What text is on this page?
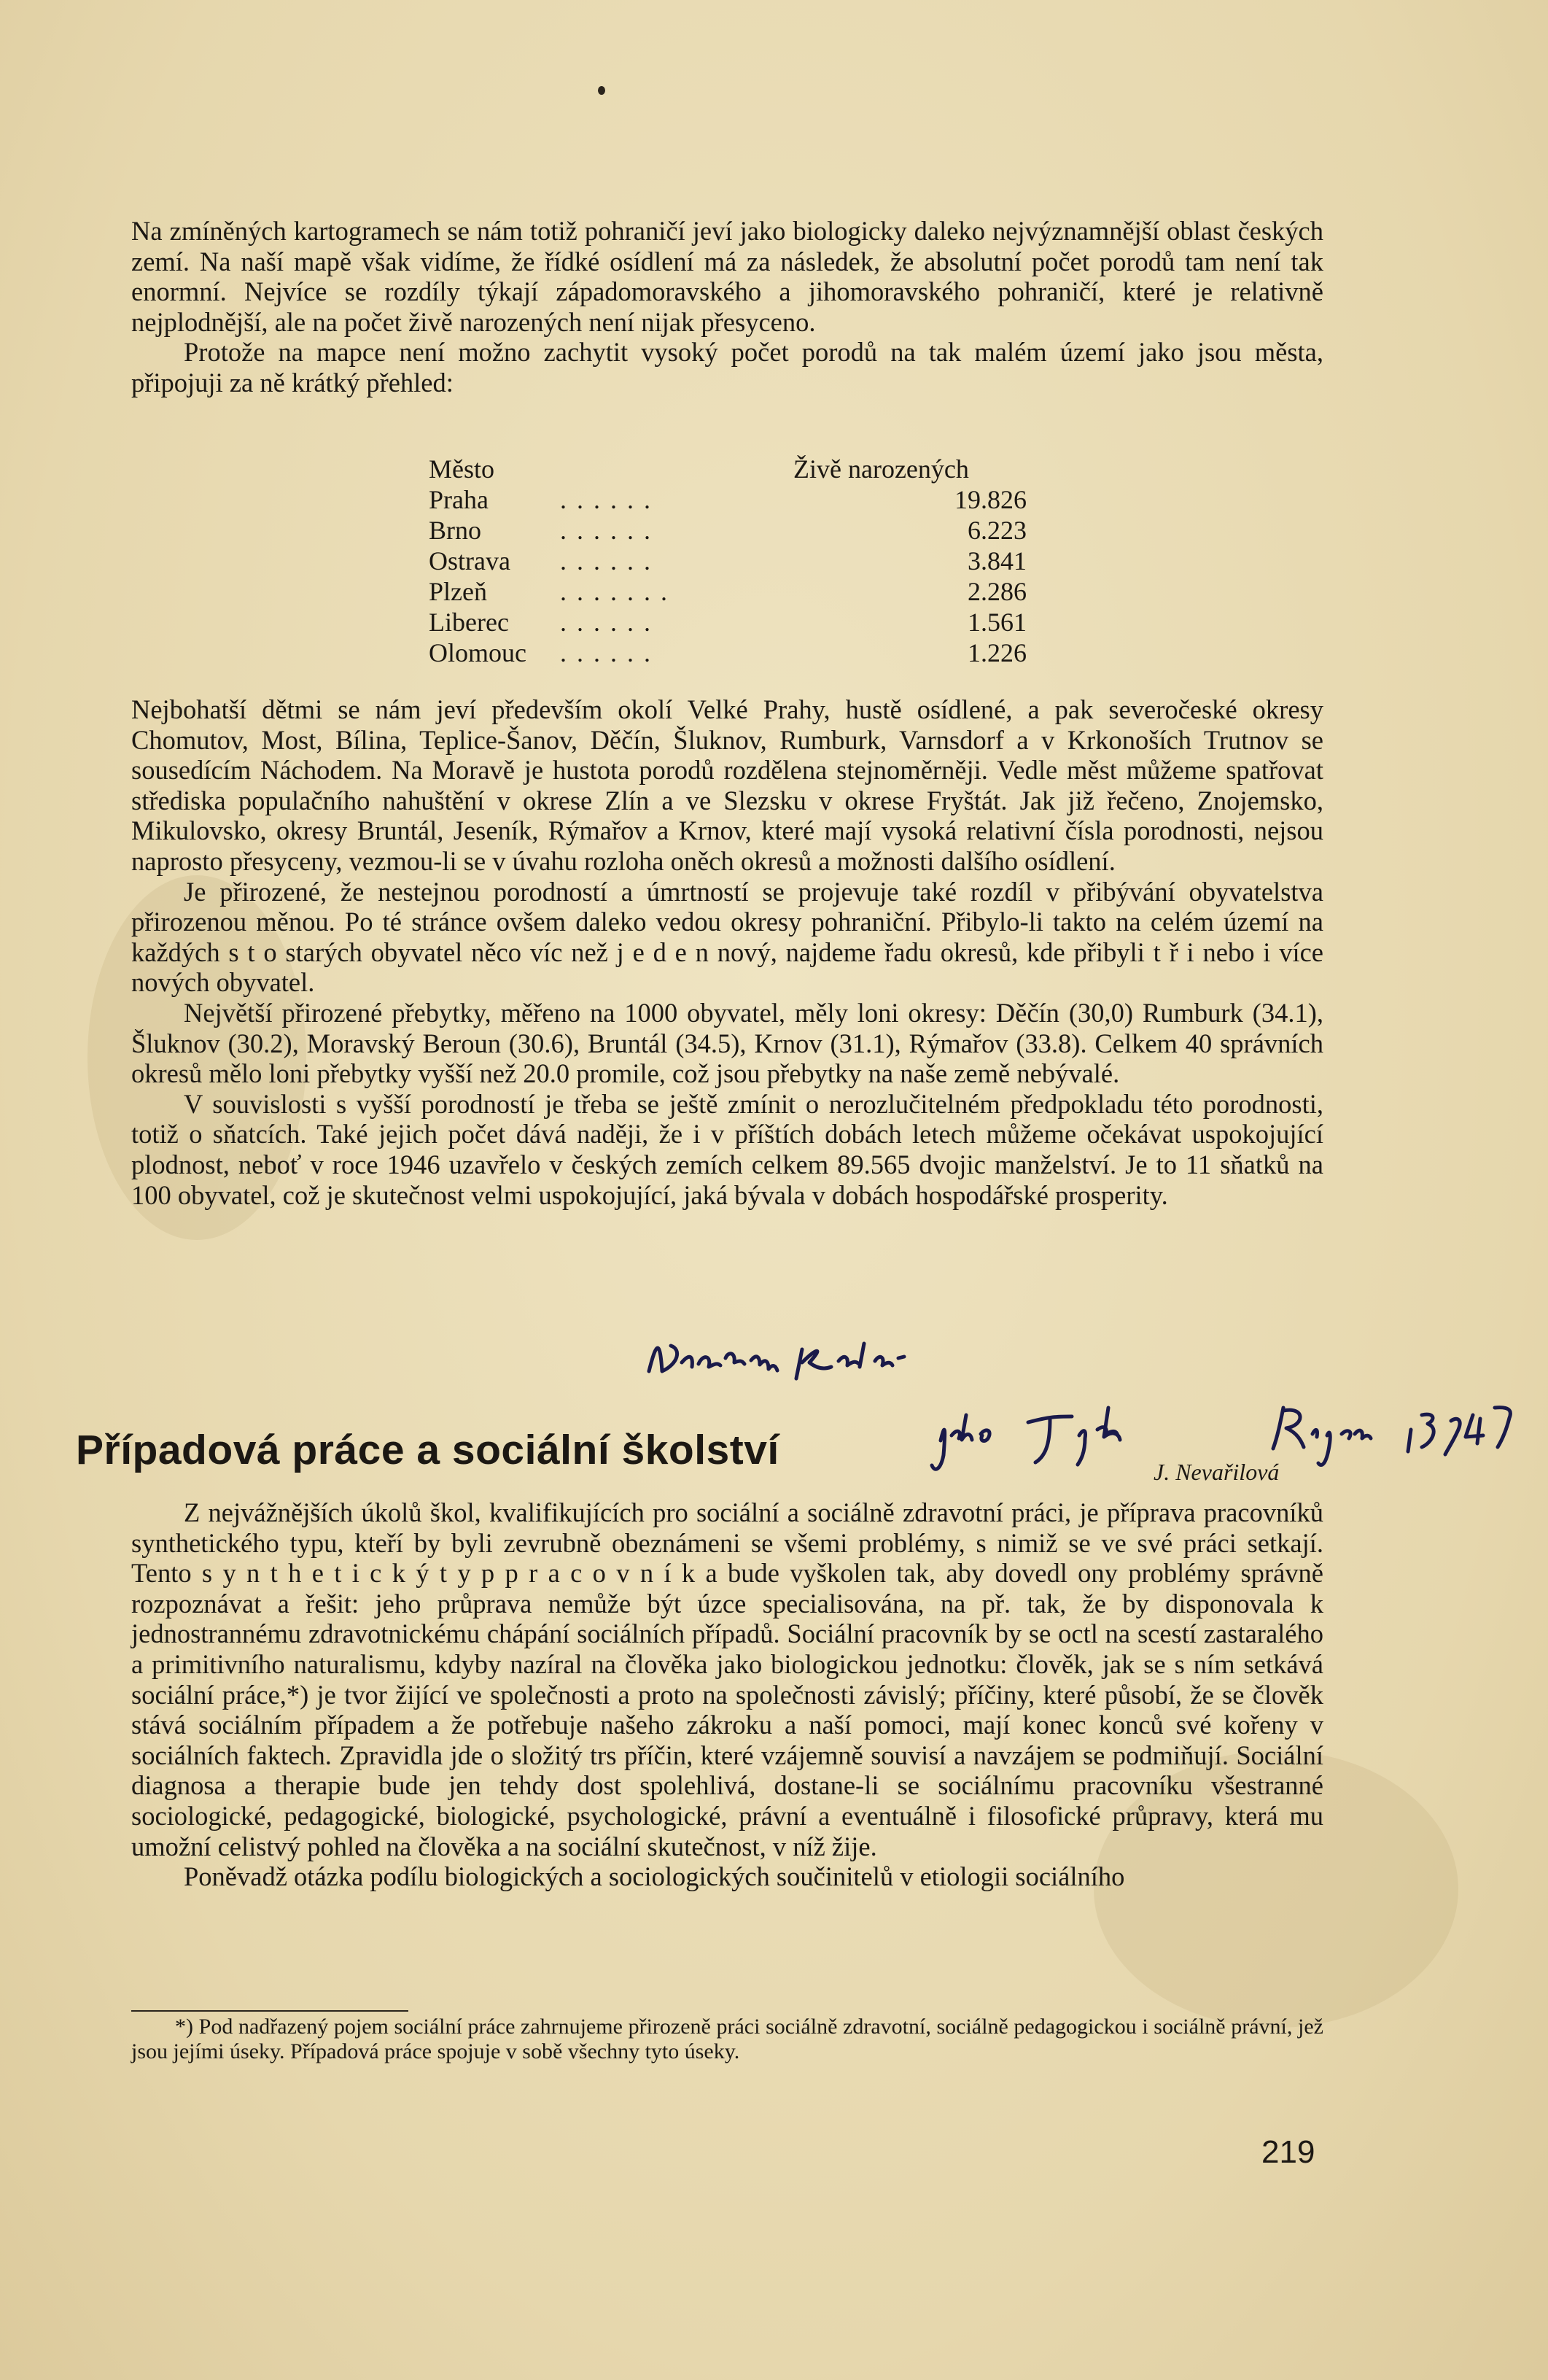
Na zmíněných kartogramech se nám totiž pohraničí jeví jako biologicky daleko nejvýznamnější oblast českých zemí. Na naší mapě však vidíme, že řídké osídlení má za následek, že absolutní počet porodů tam není tak enormní. Nejvíce se rozdíly týkají západomoravského a jihomoravského pohraničí, které je relativně nejplodnější, ale na počet živě narozených není nijak přesyceno.

Protože na mapce není možno zachytit vysoký počet porodů na tak malém území jako jsou města, připojuji za ně krátký přehled:

Město	Živě narozených
Praha	......	19.826
Brno	......	6.223
Ostrava	......	3.841
Plzeň	.......	2.286
Liberec	......	1.561
Olomouc	......	1.226

Nejbohatší dětmi se nám jeví především okolí Velké Prahy, hustě osídlené, a pak severočeské okresy Chomutov, Most, Bílina, Teplice-Šanov, Děčín, Šluknov, Rumburk, Varnsdorf a v Krkonoších Trutnov se sousedícím Náchodem. Na Moravě je hustota porodů rozdělena stejnoměrněji. Vedle měst můžeme spatřovat střediska populačního nahuštění v okrese Zlín a ve Slezsku v okrese Fryštát. Jak již řečeno, Znojemsko, Mikulovsko, okresy Bruntál, Jeseník, Rýmařov a Krnov, které mají vysoká relativní čísla porodnosti, nejsou naprosto přesyceny, vezmou-li se v úvahu rozloha oněch okresů a možnosti dalšího osídlení.

Je přirozené, že nestejnou porodností a úmrtností se projevuje také rozdíl v přibývání obyvatelstva přirozenou měnou. Po té stránce ovšem daleko vedou okresy pohraniční. Přibylo-li takto na celém území na každých s t o starých obyvatel něco víc než j e d e n nový, najdeme řadu okresů, kde přibyli t ř i nebo i více nových obyvatel.

Největší přirozené přebytky, měřeno na 1000 obyvatel, měly loni okresy: Děčín (30,0) Rumburk (34.1), Šluknov (30.2), Moravský Beroun (30.6), Bruntál (34.5), Krnov (31.1), Rýmařov (33.8). Celkem 40 správních okresů mělo loni přebytky vyšší než 20.0 promile, což jsou přebytky na naše země nebývalé.

V souvislosti s vyšší porodností je třeba se ještě zmínit o nerozlučitelném předpokladu této porodnosti, totiž o sňatcích. Také jejich počet dává naději, že i v příštích dobách letech můžeme očekávat uspokojující plodnost, neboť v roce 1946 uzavřelo v českých zemích celkem 89.565 dvojic manželství. Je to 11 sňatků na 100 obyvatel, což je skutečnost velmi uspokojující, jaká bývala v dobách hospodářské prosperity.

Případová práce a sociální školství	J. Nevařilová

Z nejvážnějších úkolů škol, kvalifikujících pro sociální a sociálně zdravotní práci, je příprava pracovníků synthetického typu, kteří by byli zevrubně obeznámeni se všemi problémy, s nimiž se ve své práci setkají. Tento s y n t h e t i c k ý t y p p r a c o v n í k a bude vyškolen tak, aby dovedl ony problémy správně rozpoznávat a řešit: jeho průprava nemůže být úzce specialisována, na př. tak, že by disponovala k jednostrannému zdravotnickému chápání sociálních případů. Sociální pracovník by se octl na scestí zastaralého a primitivního naturalismu, kdyby nazíral na člověka jako biologickou jednotku: člověk, jak se s ním setkává sociální práce,*) je tvor žijící ve společnosti a proto na společnosti závislý; příčiny, které působí, že se člověk stává sociálním případem a že potřebuje našeho zákroku a naší pomoci, mají konec konců své kořeny v sociálních faktech. Zpravidla jde o složitý trs příčin, které vzájemně souvisí a navzájem se podmiňují. Sociální diagnosa a therapie bude jen tehdy dost spolehlivá, dostane-li se sociálnímu pracovníku všestranné sociologické, pedagogické, biologické, psychologické, právní a eventuálně i filosofické průpravy, která mu umožní celistvý pohled na člověka a na sociální skutečnost, v níž žije.

Poněvadž otázka podílu biologických a sociologických součinitelů v etiologii sociálního

*) Pod nadřazený pojem sociální práce zahrnujeme přirozeně práci sociálně zdravotní, sociálně pedagogickou i sociálně právní, jež jsou jejími úseky. Případová práce spojuje v sobě všechny tyto úseky.

219
